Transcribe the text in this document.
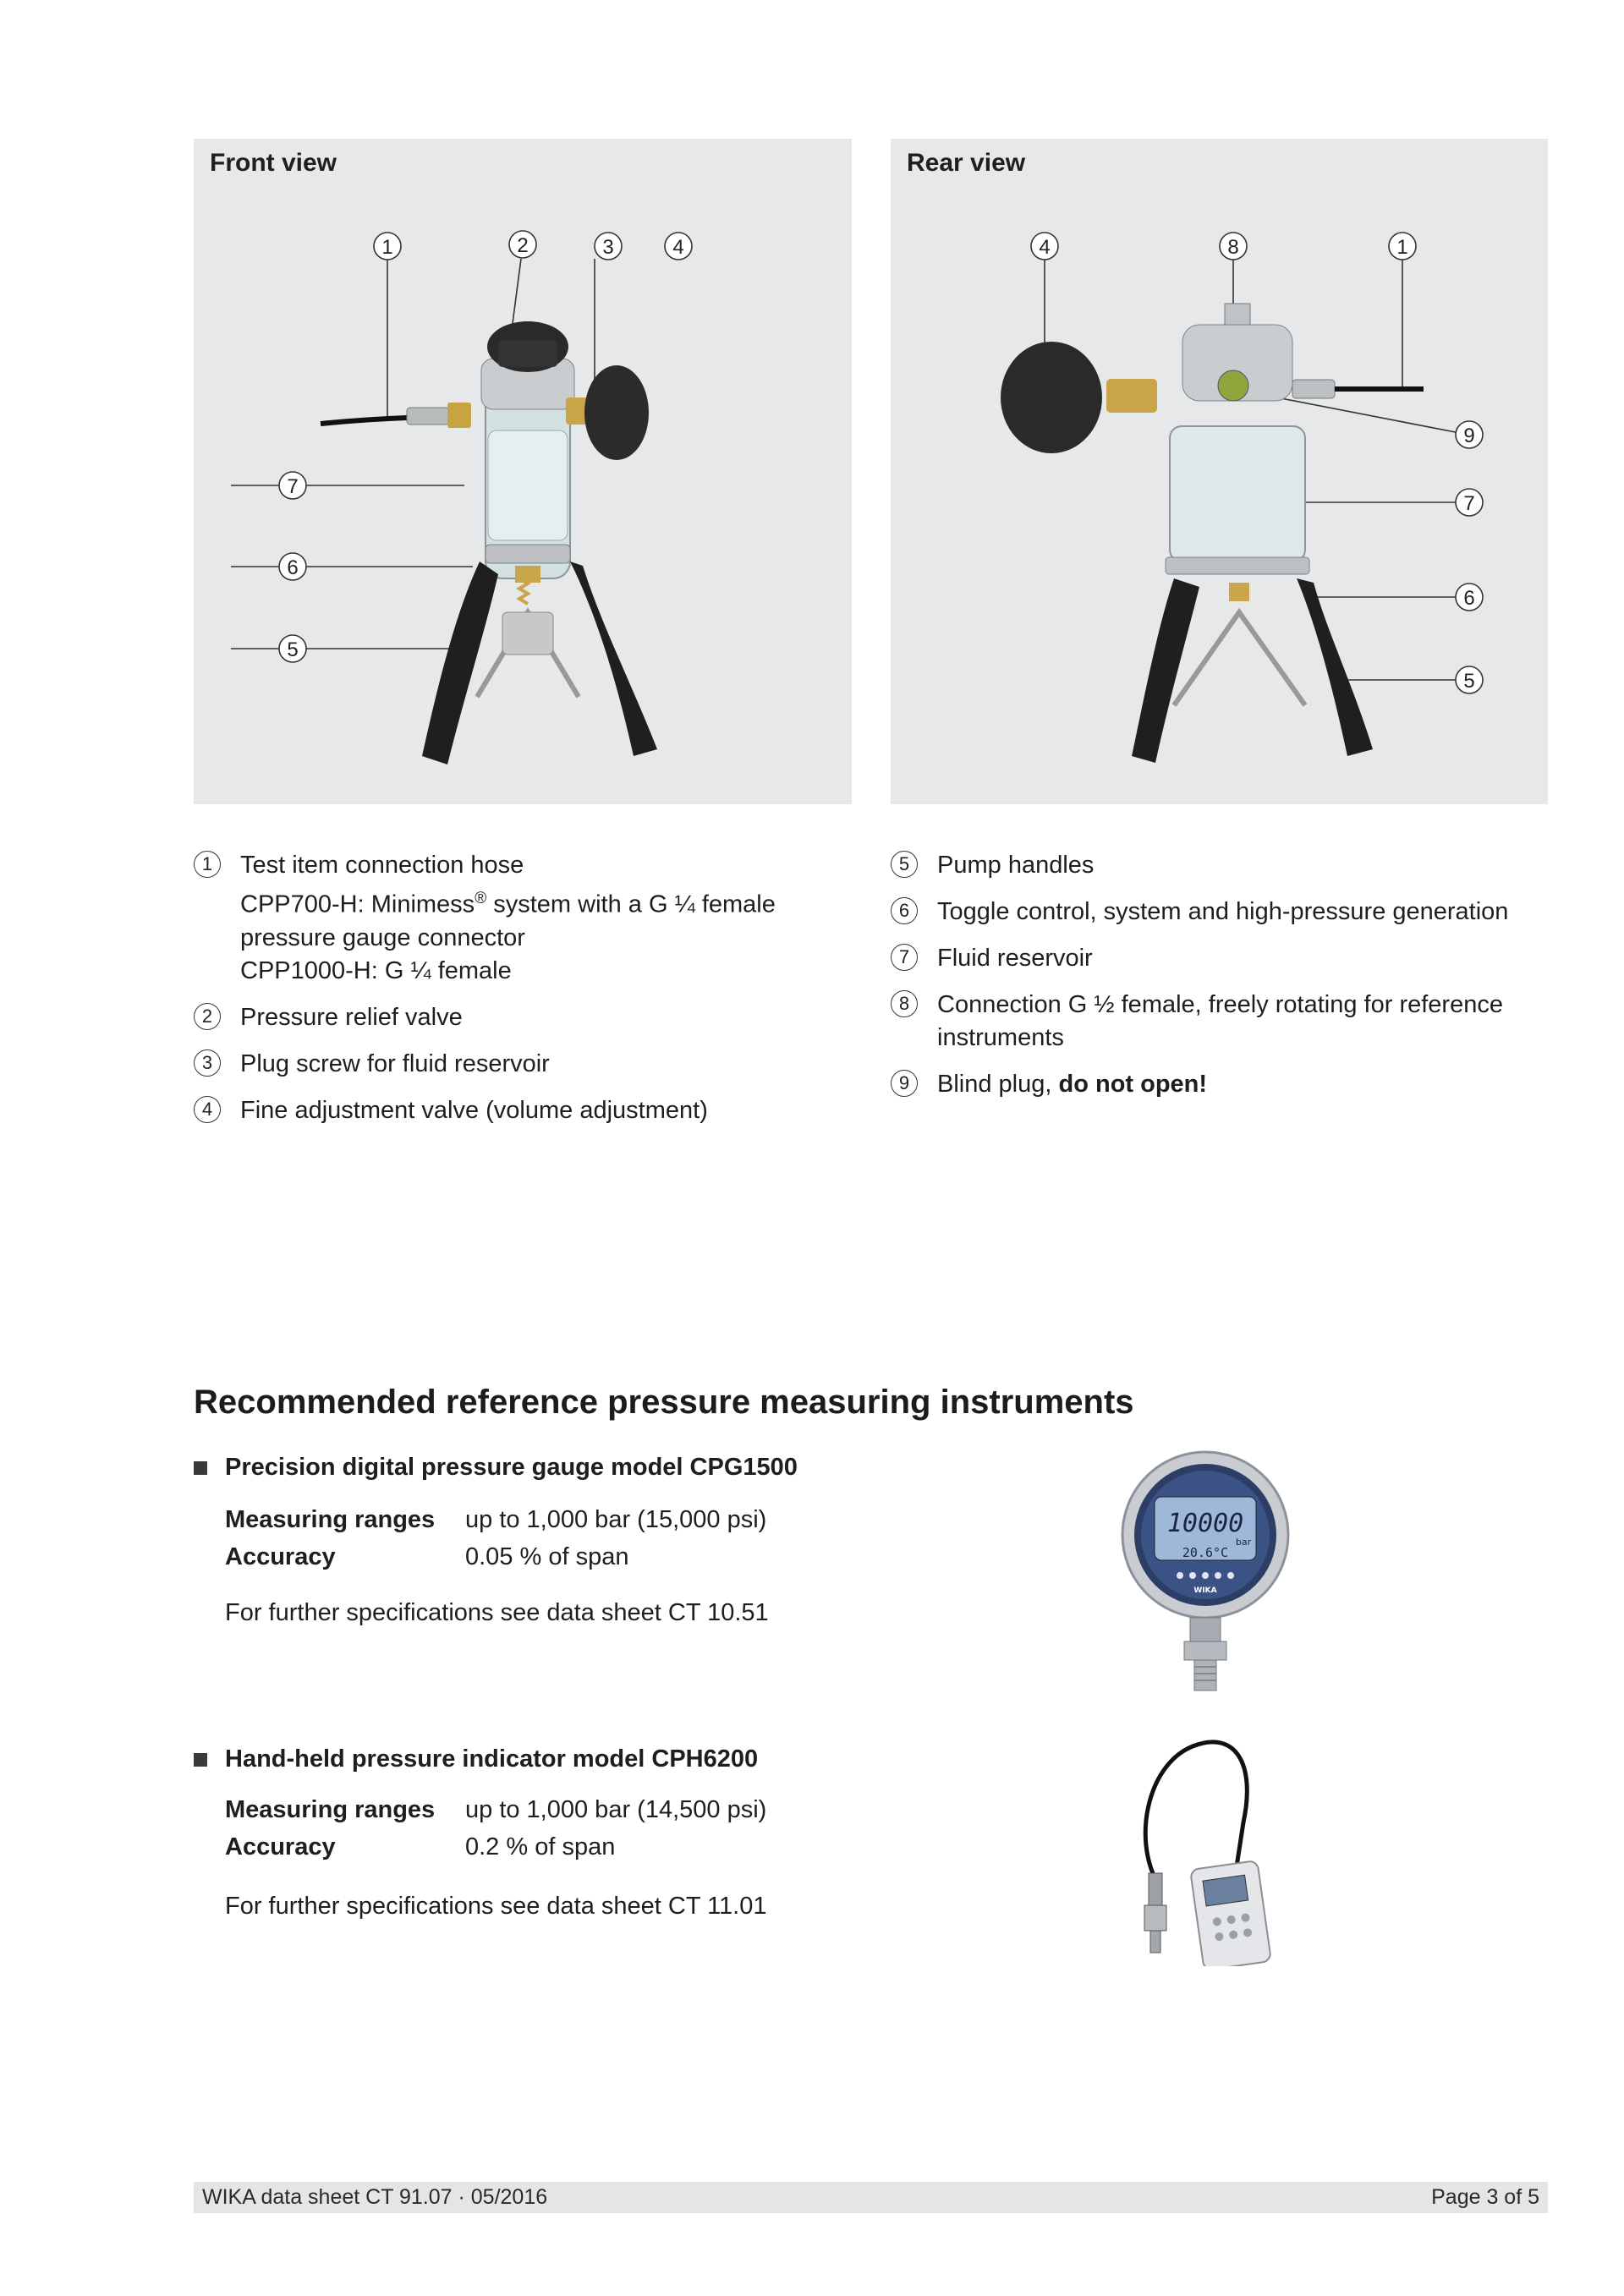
Front view
1	2	3	4
7
6
5
Rear view
4	8	1
9
7
6
5
1	Test item connection hose
CPP700-H: Minimess® system with a G ¼ female
pressure gauge connector
CPP1000-H: G ¼ female
2	Pressure relief valve
3	Plug screw for fluid reservoir
4	Fine adjustment valve (volume adjustment)
5	Pump handles
6	Toggle control, system and high-pressure generation
7	Fluid reservoir
8	Connection G ½ female, freely rotating for reference
instruments
9	Blind plug, do not open!
Recommended reference pressure measuring instruments
Precision digital pressure gauge model CPG1500
Measuring ranges up to 1,000 bar (15,000 psi)
Accuracy	0.05 % of span
For further specifications see data sheet CT 10.51
10000
bar
20.6°C
WIKA
Hand-held pressure indicator model CPH6200
Measuring ranges up to 1,000 bar (14,500 psi)
Accuracy	0.2 % of span
For further specifications see data sheet CT 11.01
WIKA data sheet CT 91.07 · 05/2016	Page 3 of 5
